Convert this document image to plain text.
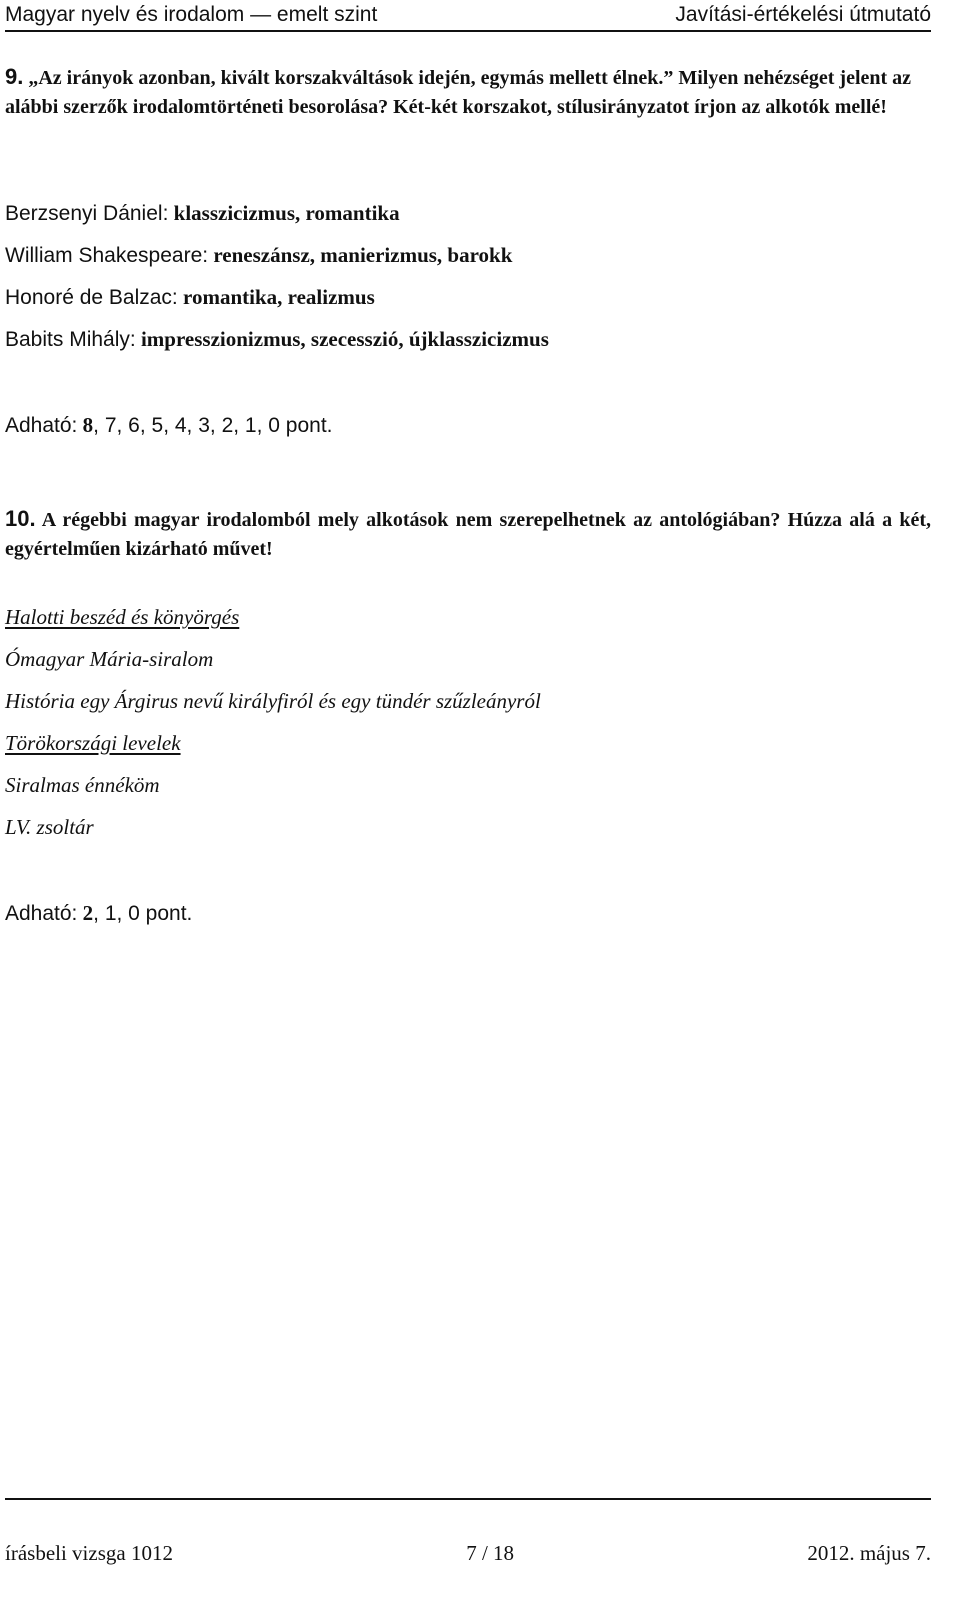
Magyar nyelv és irodalom — emelt szint	Javítási-értékelési útmutató
9. „Az irányok azonban, kivált korszakváltások idején, egymás mellett élnek.” Milyen nehézséget jelent az alábbi szerzők irodalomtörténeti besorolása? Két-két korszakot, stílusirányzatot írjon az alkotók mellé!
Berzsenyi Dániel: klasszicizmus, romantika
William Shakespeare: reneszánsz, manierizmus, barokk
Honoré de Balzac: romantika, realizmus
Babits Mihály: impresszionizmus, szecesszió, újklasszicizmus
Adható: 8, 7, 6, 5, 4, 3, 2, 1, 0 pont.
10. A régebbi magyar irodalomból mely alkotások nem szerepelhetnek az antológiában? Húzza alá a két, egyértelműen kizárható művet!
Halotti beszéd és könyörgés
Ómagyar Mária-siralom
História egy Árgirus nevű királyfiról és egy tündér szűzleányról
Törökországi levelek
Siralmas énnéköm
LV. zsoltár
Adható: 2, 1, 0 pont.
írásbeli vizsga 1012	7 / 18	2012. május 7.
